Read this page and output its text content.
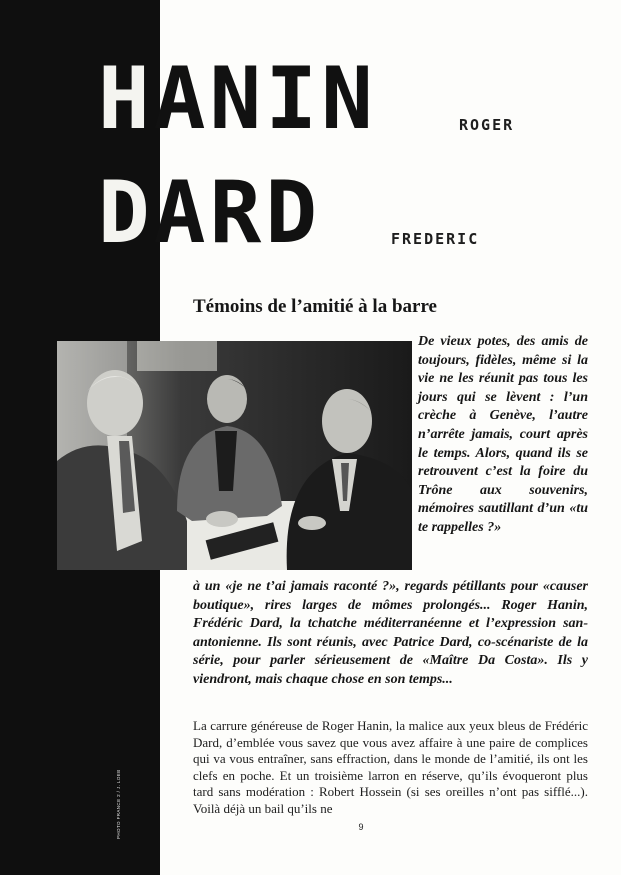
HANIN
DARD

ROGER

FREDERIC

Témoins de l’amitié à la barre
PHOTO FRANCE 2 / J. LOEB

De vieux potes, des amis de toujours, fidèles, même si la vie ne les réunit pas tous les jours qui se lèvent : l’un crèche à Genève, l’autre n’arrête jamais, court après le temps. Alors, quand ils se retrouvent c’est la foire du Trône aux souvenirs, mémoires sautillant d’un «tu te rappelles ?»

à un «je ne t’ai jamais raconté ?», regards pétillants pour «causer boutique», rires larges de mômes prolongés... Roger Hanin, Frédéric Dard, la tchatche méditerranéenne et l’expression san-antonienne. Ils sont réunis, avec Patrice Dard, co-scénariste de la série, pour parler sérieusement de «Maître Da Costa». Ils y viendront, mais chaque chose en son temps...

La carrure généreuse de Roger Hanin, la malice aux yeux bleus de Frédéric Dard, d’emblée vous savez que vous avez affaire à une paire de complices qui va vous entraîner, sans effraction, dans le monde de l’amitié, ils ont les clefs en poche. Et un troisième larron en réserve, qu’ils évoqueront plus tard sans modération : Robert Hossein (si ses oreilles n’ont pas sifflé...). Voilà déjà un bail qu’ils ne

9
